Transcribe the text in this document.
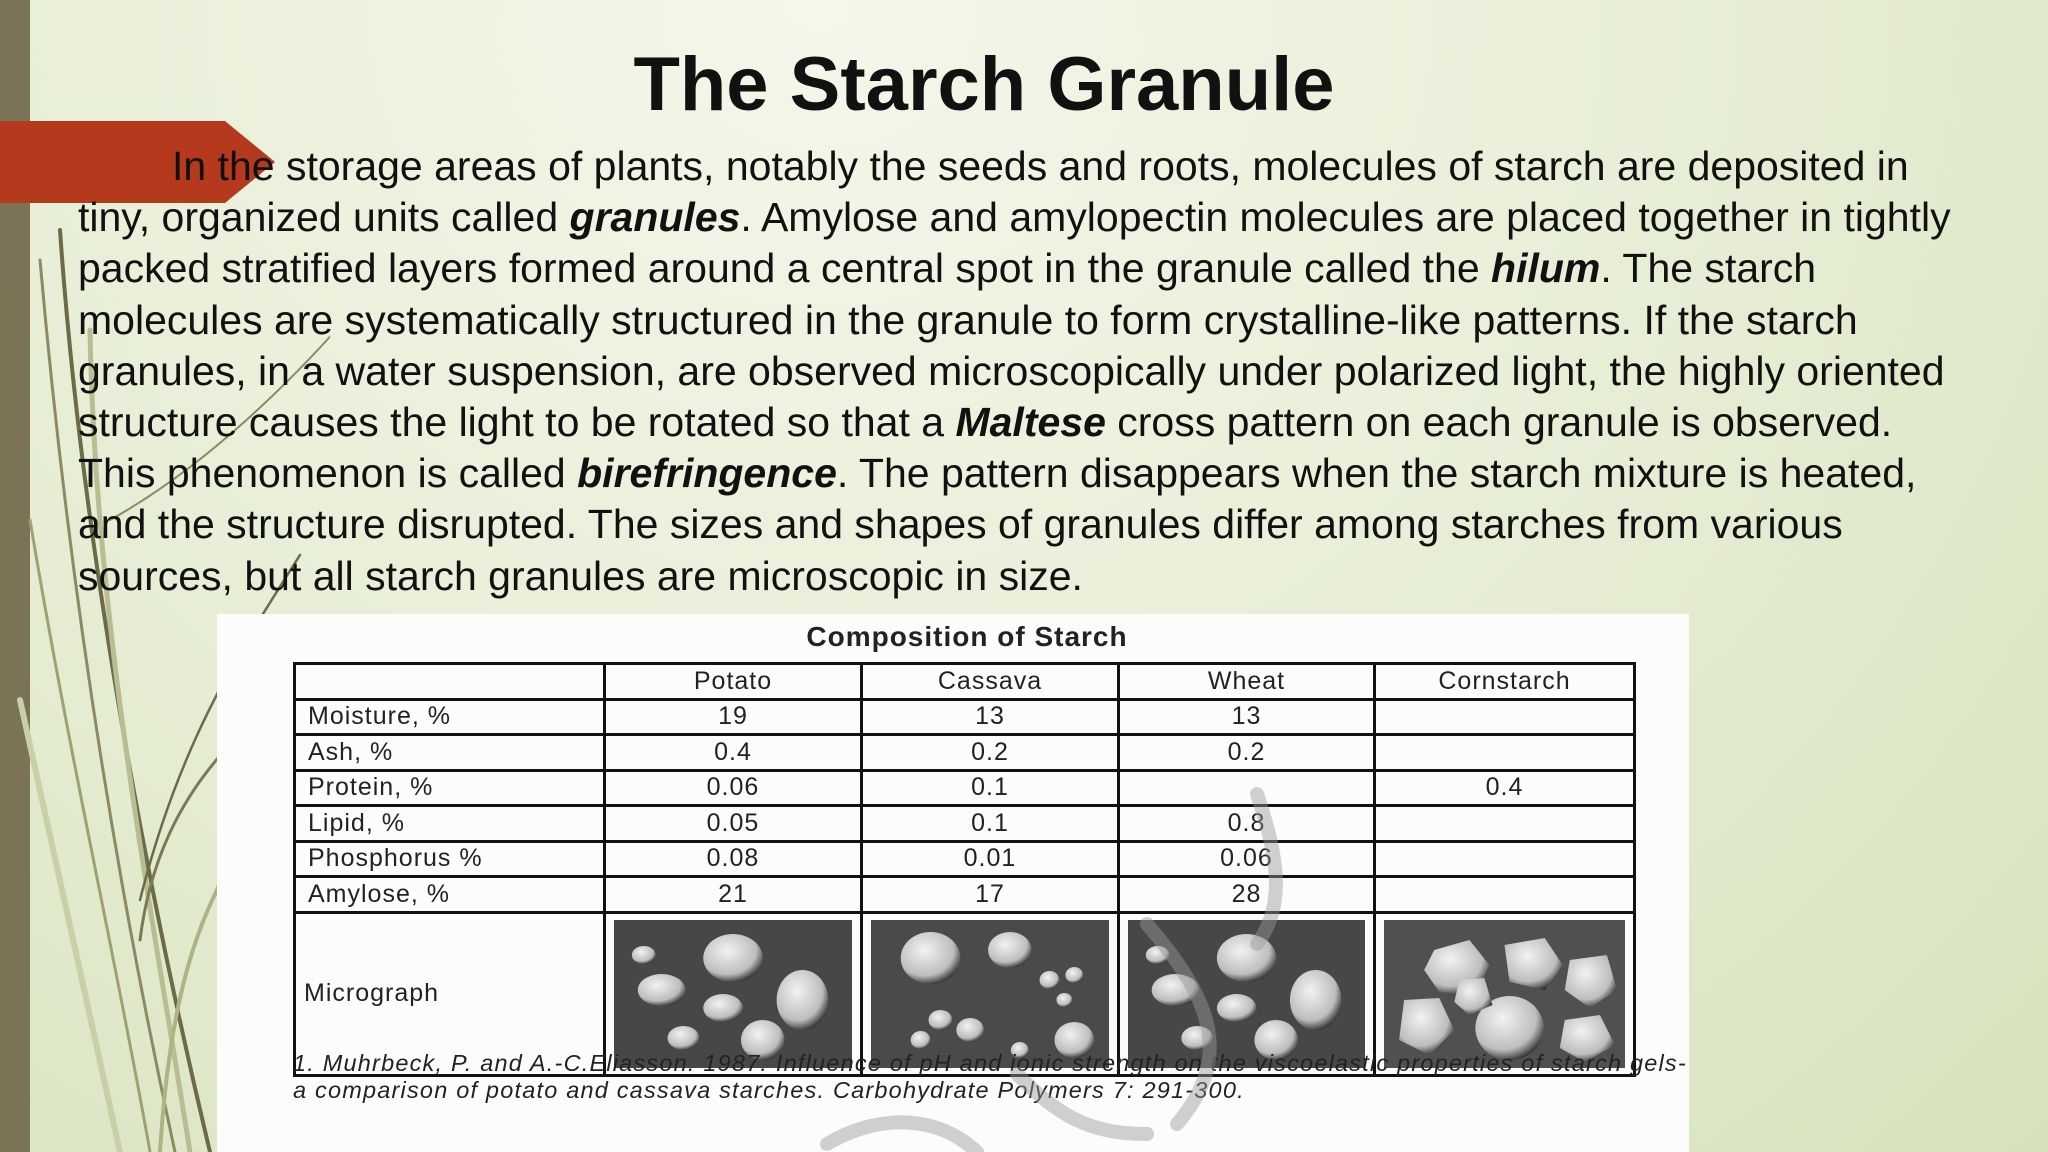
The Starch Granule

In the storage areas of plants, notably the seeds and roots, molecules of starch are deposited in tiny, organized units called granules. Amylose and amylopectin molecules are placed together in tightly packed stratified layers formed around a central spot in the granule called the hilum. The starch molecules are systematically structured in the granule to form crystalline-like patterns. If the starch granules, in a water suspension, are observed microscopically under polarized light, the highly oriented structure causes the light to be rotated so that a Maltese cross pattern on each granule is observed. This phenomenon is called birefringence. The pattern disappears when the starch mixture is heated, and the structure disrupted. The sizes and shapes of granules differ among starches from various sources, but all starch granules are microscopic in size.

Composition of Starch
	Potato	Cassava	Wheat	Cornstarch
Moisture, %	19	13	13	
Ash, %	0.4	0.2	0.2	
Protein, %	0.06	0.1		0.4
Lipid, %	0.05	0.1	0.8	
Phosphorus %	0.08	0.01	0.06	
Amylose, %	21	17	28	
Micrograph	

1. Muhrbeck, P. and A.-C.Eliasson. 1987. Influence of pH and ionic strength on the viscoelastic properties of starch gels- a comparison of potato and cassava starches. Carbohydrate Polymers 7: 291-300.
